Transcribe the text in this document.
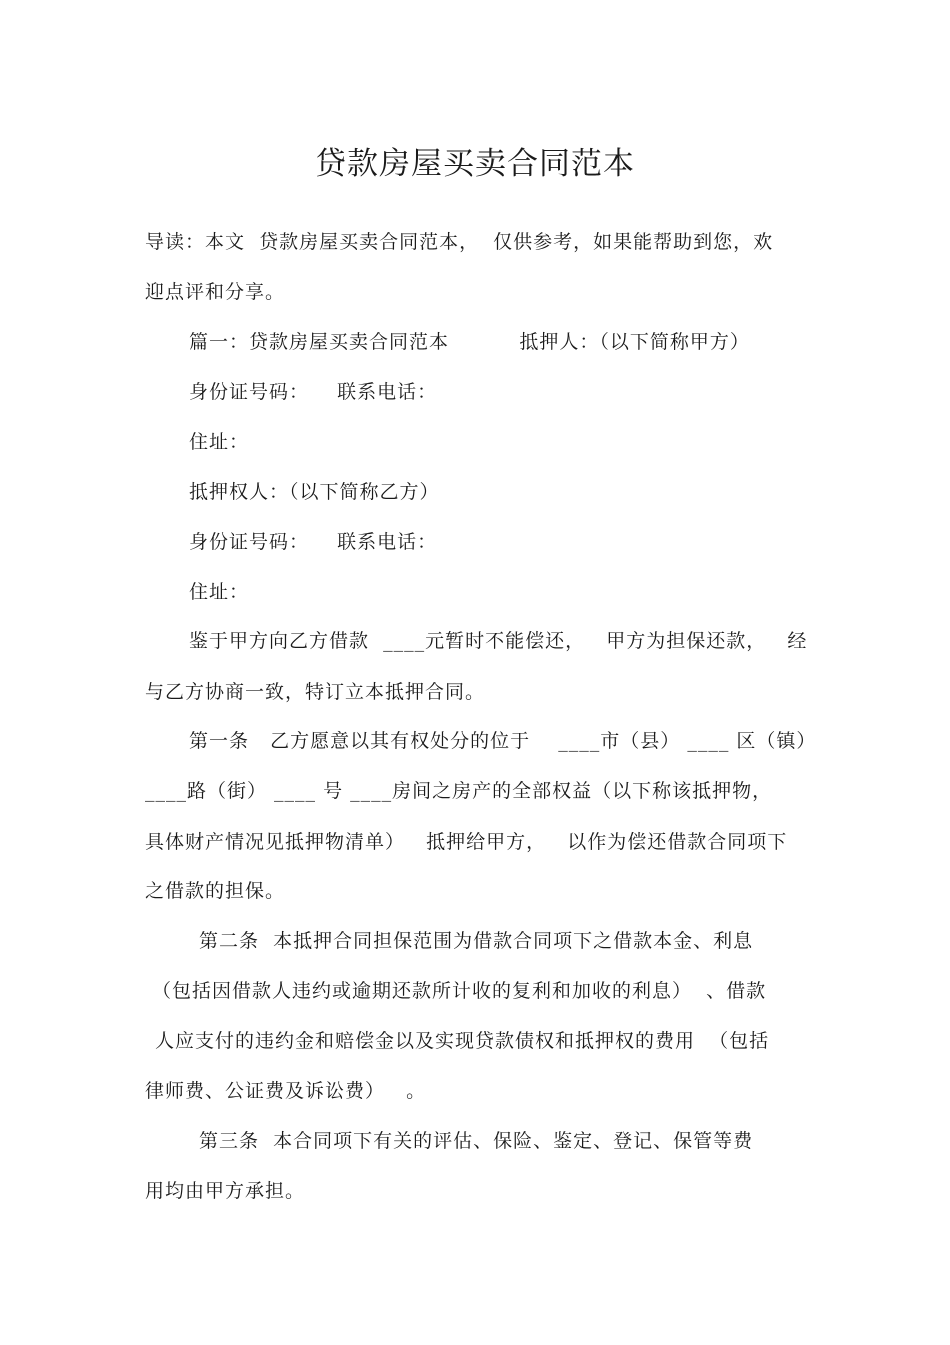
贷款房屋买卖合同范本
导读：本文  贷款房屋买卖合同范本，  仅供参考，如果能帮助到您，欢
迎点评和分享。
篇一：贷款房屋买卖合同范本          抵押人：（以下简称甲方）
身份证号码：    联系电话：
住址：
抵押权人：（以下简称乙方）
身份证号码：    联系电话：
住址：
鉴于甲方向乙方借款  ____元暂时不能偿还，   甲方为担保还款，   经
与乙方协商一致，特订立本抵押合同。
第一条   乙方愿意以其有权处分的位于    ____市（县） ____ 区（镇）
____路（街） ____ 号 ____房间之房产的全部权益（以下称该抵押物，
具体财产情况见抵押物清单）   抵押给甲方，   以作为偿还借款合同项下
之借款的担保。
第二条  本抵押合同担保范围为借款合同项下之借款本金、利息
（包括因借款人违约或逾期还款所计收的复利和加收的利息）  、借款
人应支付的违约金和赔偿金以及实现贷款债权和抵押权的费用  （包括
律师费、公证费及诉讼费）   。
第三条  本合同项下有关的评估、保险、鉴定、登记、保管等费
用均由甲方承担。
